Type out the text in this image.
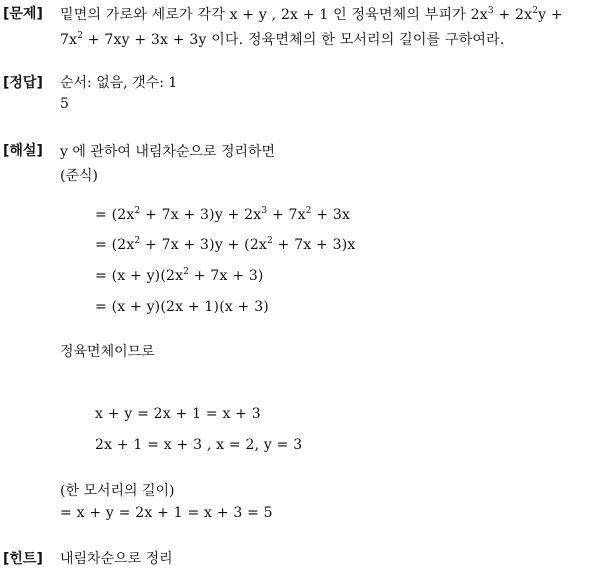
[문제] 밑면의 가로와 세로가 각각 x + y , 2x + 1 인 정육면체의 부피가 $2x^3 + 2x^2y$ +
$7x^2 + 7xy + 3x + 3y$ 이다. 정육면체의 한 모서리의 길이를 구하여라.
[정답] 순서: 없음, 갯수: 1
5
[해설] y 에 관하여 내림차순으로 정리하면
(준식)
= $(2x^2 + 7x + 3)y + 2x^3 + 7x^2 + 3x$
= $(2x^2 + 7x + 3)y + (2x^2 + 7x + 3)x$
= $(x + y)(2x^2 + 7x + 3)$
= (x + y)(2x + 1)(x + 3)
정육면체이므로
x + y = 2x + 1 = x + 3
2x + 1 = x + 3 , x = 2, y = 3
(한 모서리의 길이)
= x + y = 2x + 1 = x + 3 = 5
[힌트] 내림차순으로 정리
